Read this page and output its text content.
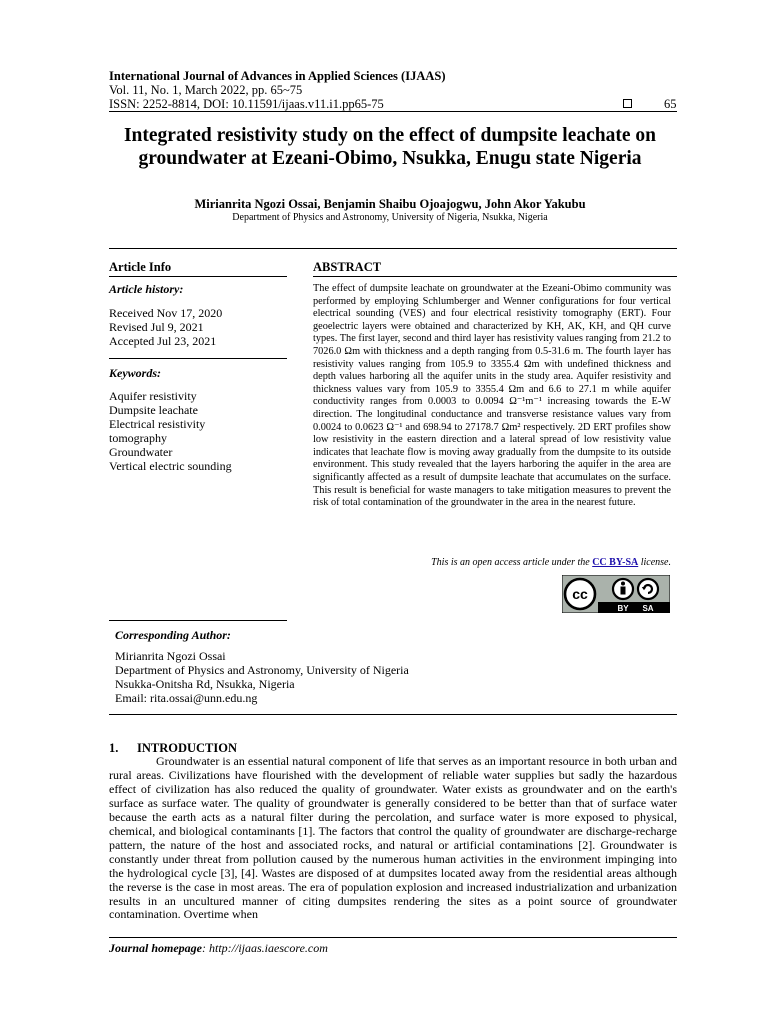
International Journal of Advances in Applied Sciences (IJAAS)
Vol. 11, No. 1, March 2022, pp. 65~75
ISSN: 2252-8814, DOI: 10.11591/ijaas.v11.i1.pp65-75	65
Integrated resistivity study on the effect of dumpsite leachate on groundwater at Ezeani-Obimo, Nsukka, Enugu state Nigeria
Mirianrita Ngozi Ossai, Benjamin Shaibu Ojoajogwu, John Akor Yakubu
Department of Physics and Astronomy, University of Nigeria, Nsukka, Nigeria
Article Info
Article history:
Received Nov 17, 2020
Revised Jul 9, 2021
Accepted Jul 23, 2021
Keywords:
Aquifer resistivity
Dumpsite leachate
Electrical resistivity
tomography
Groundwater
Vertical electric sounding
ABSTRACT
The effect of dumpsite leachate on groundwater at the Ezeani-Obimo community was performed by employing Schlumberger and Wenner configurations for four vertical electrical sounding (VES) and four electrical resistivity tomography (ERT). Four geoelectric layers were obtained and characterized by KH, AK, KH, and QH curve types. The first layer, second and third layer has resistivity values ranging from 21.2 to 7026.0 Ωm with thickness and a depth ranging from 0.5-31.6 m. The fourth layer has resistivity values ranging from 105.9 to 3355.4 Ωm with undefined thickness and depth values harboring all the aquifer units in the study area. Aquifer resistivity and thickness values vary from 105.9 to 3355.4 Ωm and 6.6 to 27.1 m while aquifer conductivity ranges from 0.0003 to 0.0094 Ω⁻¹m⁻¹ increasing towards the E-W direction. The longitudinal conductance and transverse resistance values vary from 0.0024 to 0.0623 Ω⁻¹ and 698.94 to 27178.7 Ωm² respectively. 2D ERT profiles show low resistivity in the eastern direction and a lateral spread of low resistivity value indicates that leachate flow is moving away gradually from the dumpsite to its outside environment. This study revealed that the layers harboring the aquifer in the area are significantly affected as a result of dumpsite leachate that accumulates on the surface. This result is beneficial for waste managers to take mitigation measures to prevent the risk of total contamination of the groundwater in the area in the nearest future.
This is an open access article under the CC BY-SA license.
cc
BY SA
Corresponding Author:
Mirianrita Ngozi Ossai
Department of Physics and Astronomy, University of Nigeria
Nsukka-Onitsha Rd, Nsukka, Nigeria
Email: rita.ossai@unn.edu.ng
1. INTRODUCTION

Groundwater is an essential natural component of life that serves as an important resource in both urban and rural areas. Civilizations have flourished with the development of reliable water supplies but sadly the hazardous effect of civilization has also reduced the quality of groundwater. Water exists as groundwater and on the earth's surface as surface water. The quality of groundwater is generally considered to be better than that of surface water because the earth acts as a natural filter during the percolation, and surface water is more exposed to physical, chemical, and biological contaminants [1]. The factors that control the quality of groundwater are discharge-recharge pattern, the nature of the host and associated rocks, and natural or artificial contaminations [2]. Groundwater is constantly under threat from pollution caused by the numerous human activities in the environment impinging into the hydrological cycle [3], [4]. Wastes are disposed of at dumpsites located away from the residential areas although the reverse is the case in most areas. The era of population explosion and increased industrialization and urbanization results in an uncultured manner of citing dumpsites rendering the sites as a point source of groundwater contamination. Overtime when

Journal homepage: http://ijaas.iaescore.com
